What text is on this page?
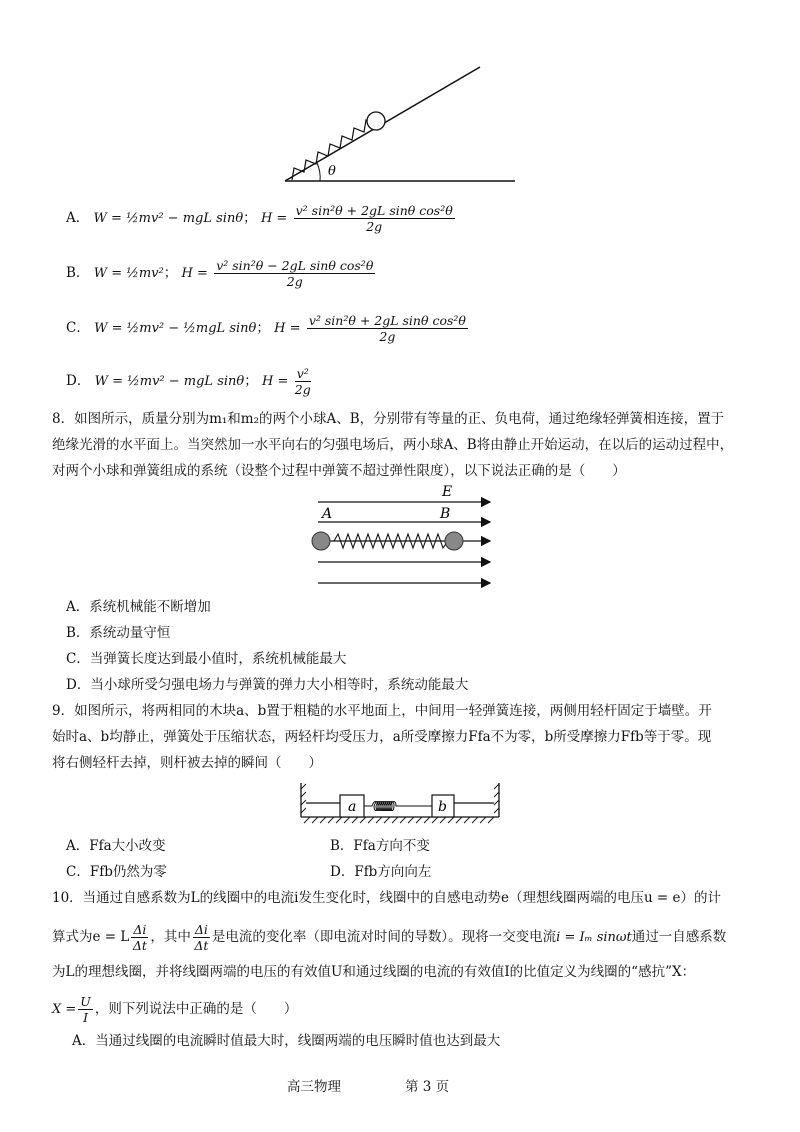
θ
A． W = ½mv² − mgL sinθ； $H = \frac{\text{v² sin²θ + 2gL sinθ cos²θ}}{2g}$
B． W = ½mv²； $H = \frac{\text{v² sin²θ − 2gL sinθ cos²θ}}{2g}$
C． W = ½mv² − ½mgL sinθ； $H = \frac{\text{v² sin²θ + 2gL sinθ cos²θ}}{2g}$
D． W = ½mv² − mgL sinθ； $H = \frac{\text{v²}}{2g}$
8．如图所示，质量分别为m₁和m₂的两个小球A、B，分别带有等量的正、负电荷，通过绝缘轻弹簧相连接，置于
绝缘光滑的水平面上。当突然加一水平向右的匀强电场后，两小球A、B将由静止开始运动，在以后的运动过程中，
对两个小球和弹簧组成的系统（设整个过程中弹簧不超过弹性限度），以下说法正确的是（　　）
E
A	B
A．系统机械能不断增加
B．系统动量守恒
C．当弹簧长度达到最小值时，系统机械能最大
D．当小球所受匀强电场力与弹簧的弹力大小相等时，系统动能最大
9．如图所示，将两相同的木块a、b置于粗糙的水平地面上，中间用一轻弹簧连接，两侧用轻杆固定于墙壁。开
始时a、b均静止，弹簧处于压缩状态，两轻杆均受压力，a所受摩擦力Ffa不为零，b所受摩擦力Ffb等于零。现
将右侧轻杆去掉，则杆被去掉的瞬间（　　）
a	b
A．Ffa大小改变	B．Ffa方向不变
C．Ffb仍然为零	D．Ffb方向向左
10．当通过自感系数为L的线圈中的电流i发生变化时，线圈中的自感电动势e（理想线圈两端的电压u = e）的计
算式为e = L $\frac{\Delta i}{\Delta t}$ ，其中 $\frac{\Delta i}{\Delta t}$ 是电流的变化率（即电流对时间的导数）。现将一交变电流i = Iₘ sinωt通过一自感系数
为L的理想线圈，并将线圈两端的电压的有效值U和通过线圈的电流的有效值I的比值定义为线圈的“感抗”X：
$X = \frac{U}{I}$ ，则下列说法中正确的是（　　）
A．当通过线圈的电流瞬时值最大时，线圈两端的电压瞬时值也达到最大
高三物理	第 3 页
